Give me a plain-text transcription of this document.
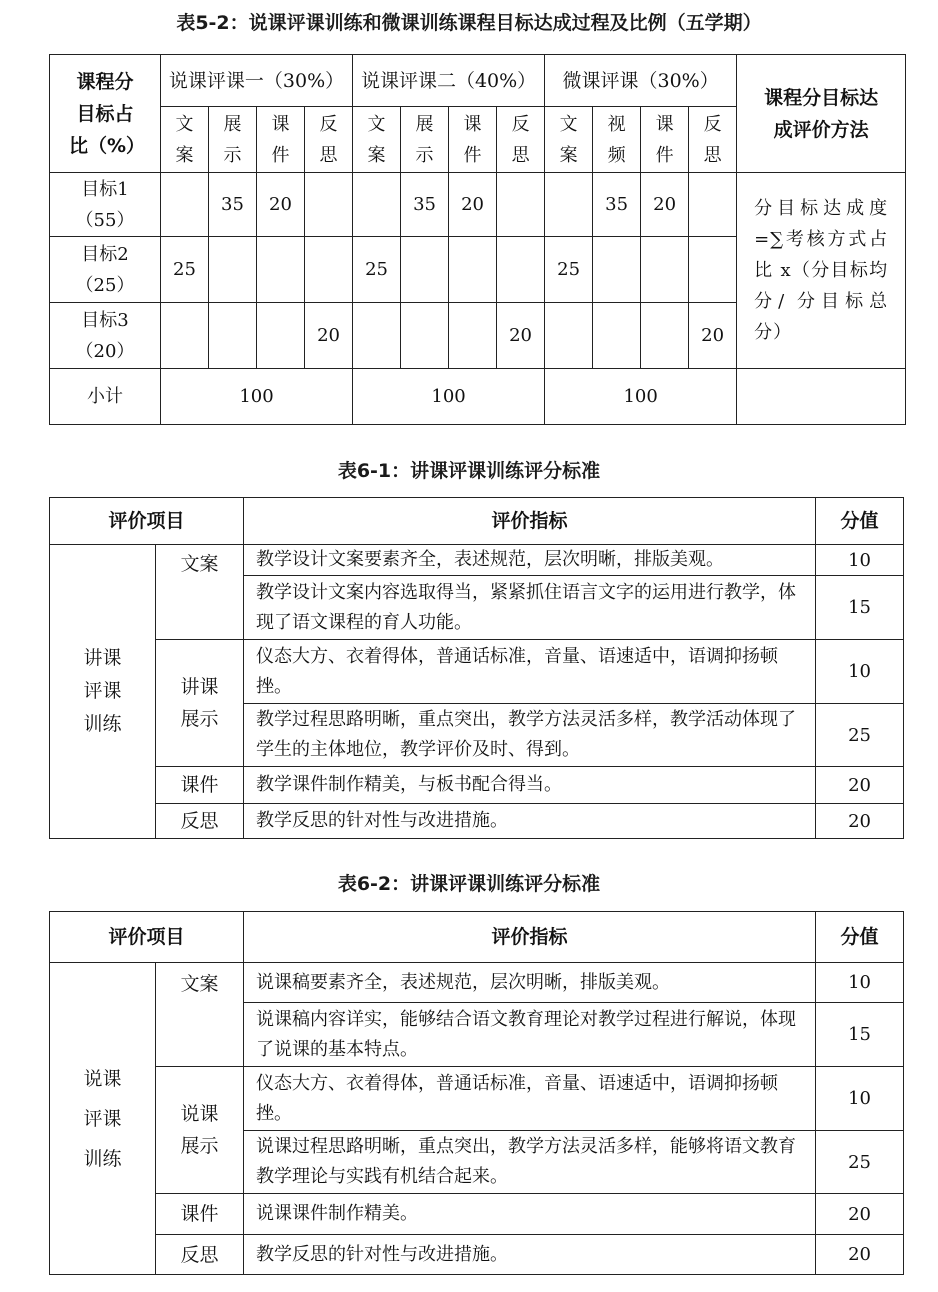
表5-2：说课评课训练和微课训练课程目标达成过程及比例（五学期）
课程分目标占比（%）	说课评课一（30%）				说课评课二（40%）				微课评课（30%）				课程分目标达成评价方法

	文案	展示	课件	反思	文案	展示	课件	反思	文案	视频	课件	反思	

目标1
（55）		35	20			35	20			35	20		分目标达成度=∑考核方式占比 x（分目标均分/ 分目标总分）

目标2
（25）	25				25				25				

目标3
（20）				20				20				20	
小计	100				100				100				
表6-1：讲课评课训练评分标准
评价项目		评价指标	分值

讲课评课训练	文案	教学设计文案要素齐全，表述规范，层次明晰，排版美观。	10
		教学设计文案内容选取得当，紧紧抓住语言文字的运用进行教学，体现了语文课程的育人功能。	15

	讲课展示	仪态大方、衣着得体，普通话标准，音量、语速适中，语调抑扬顿挫。	10
		教学过程思路明晰，重点突出，教学方法灵活多样，教学活动体现了学生的主体地位，教学评价及时、得到。	25
	课件	教学课件制作精美，与板书配合得当。	20
	反思	教学反思的针对性与改进措施。	20
表6-2：讲课评课训练评分标准
评价项目		评价指标	分值

说课评课训练	文案	说课稿要素齐全，表述规范，层次明晰，排版美观。	10
		说课稿内容详实，能够结合语文教育理论对教学过程进行解说，体现了说课的基本特点。	15

	说课展示	仪态大方、衣着得体，普通话标准，音量、语速适中，语调抑扬顿挫。	10
		说课过程思路明晰，重点突出，教学方法灵活多样，能够将语文教育教学理论与实践有机结合起来。	25
	课件	说课课件制作精美。	20
	反思	教学反思的针对性与改进措施。	20
